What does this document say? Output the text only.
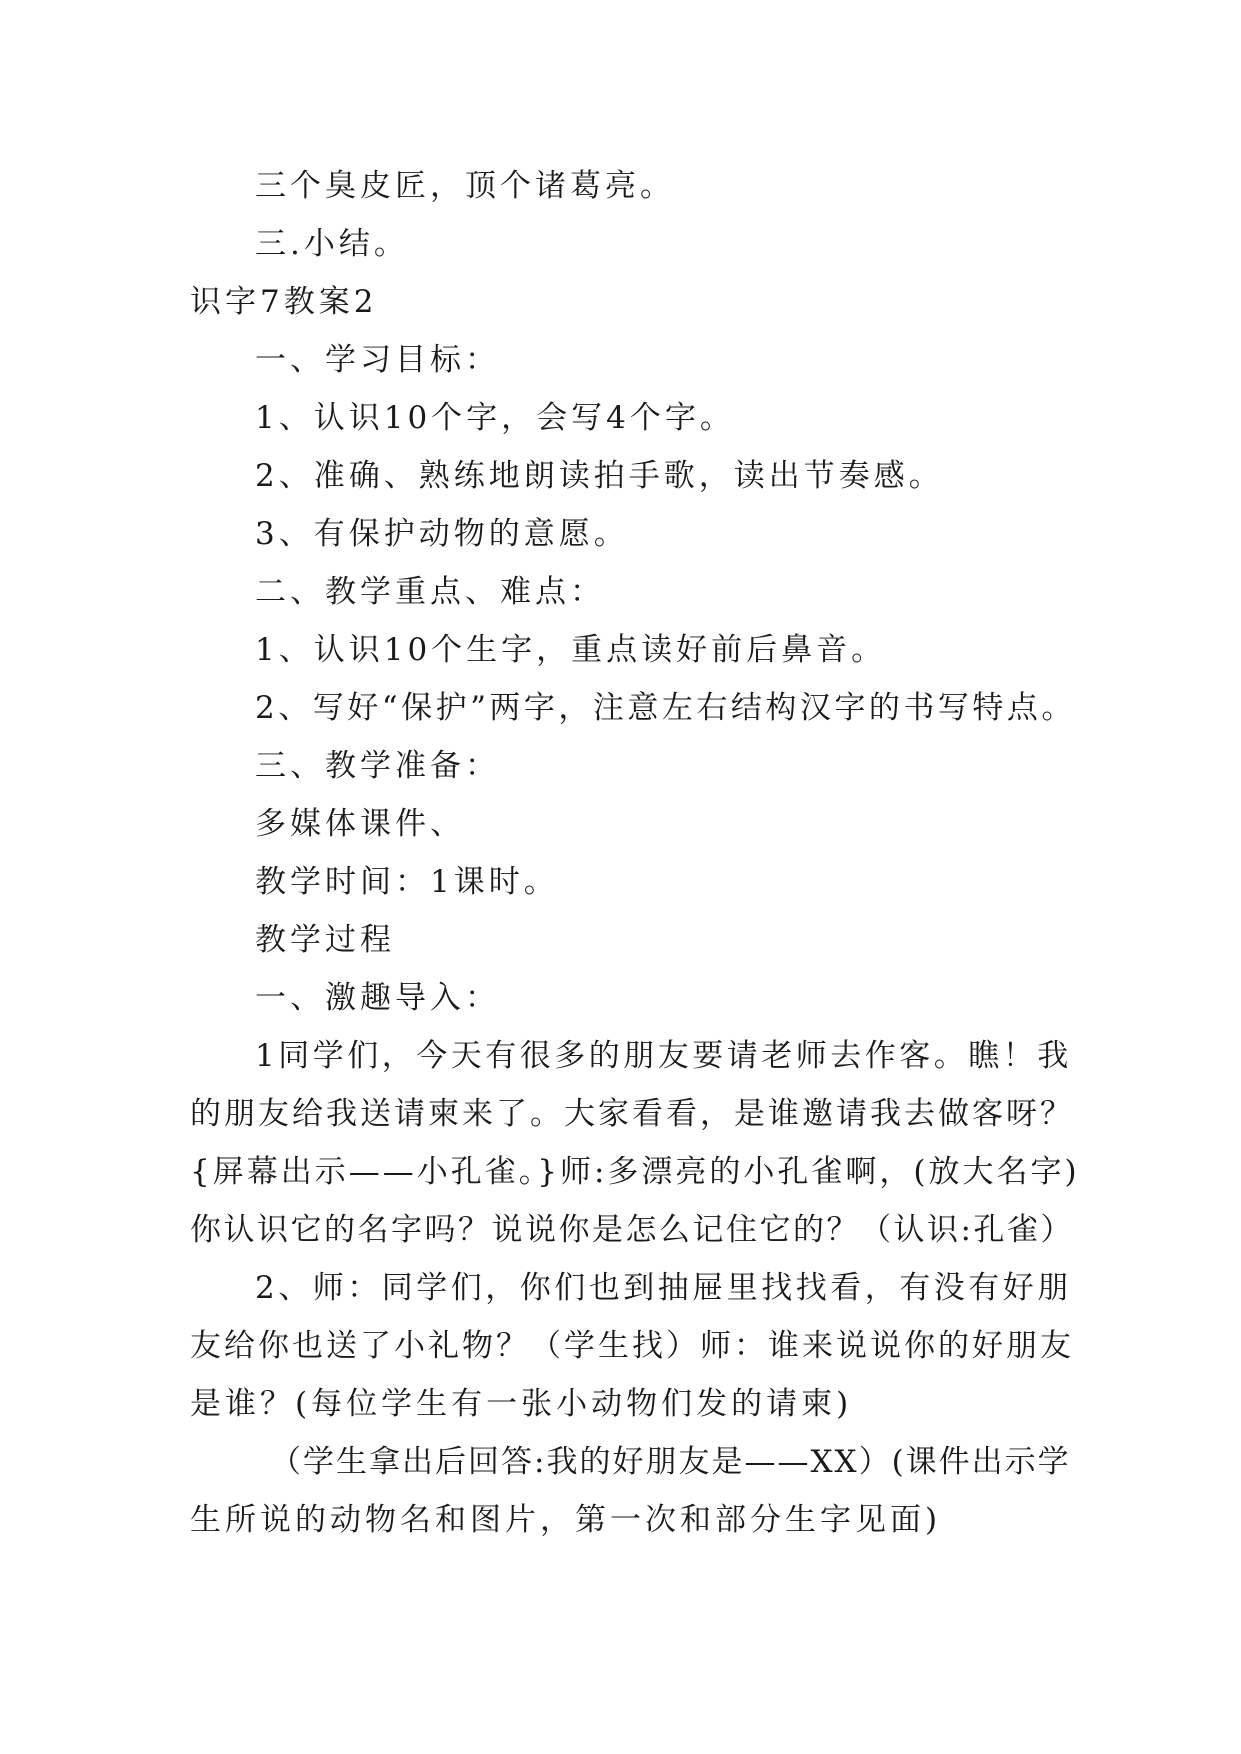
三个臭皮匠，顶个诸葛亮。
三.小结。
识字7教案2
一、学习目标：
1、认识10个字，会写4个字。
2、准确、熟练地朗读拍手歌，读出节奏感。
3、有保护动物的意愿。
二、教学重点、难点：
1、认识10个生字，重点读好前后鼻音。
2、写好“保护”两字，注意左右结构汉字的书写特点。
三、教学准备：
多媒体课件、
教学时间：1课时。
教学过程
一、激趣导入：
1同学们，今天有很多的朋友要请老师去作客。瞧！我
的朋友给我送请柬来了。大家看看，是谁邀请我去做客呀？
{屏幕出示——小孔雀。}师:多漂亮的小孔雀啊，(放大名字)
你认识它的名字吗？说说你是怎么记住它的？（认识:孔雀）
2、师：同学们，你们也到抽屉里找找看，有没有好朋
友给你也送了小礼物？（学生找）师：谁来说说你的好朋友
是谁？(每位学生有一张小动物们发的请柬)
（学生拿出后回答:我的好朋友是——XX）(课件出示学
生所说的动物名和图片，第一次和部分生字见面)
